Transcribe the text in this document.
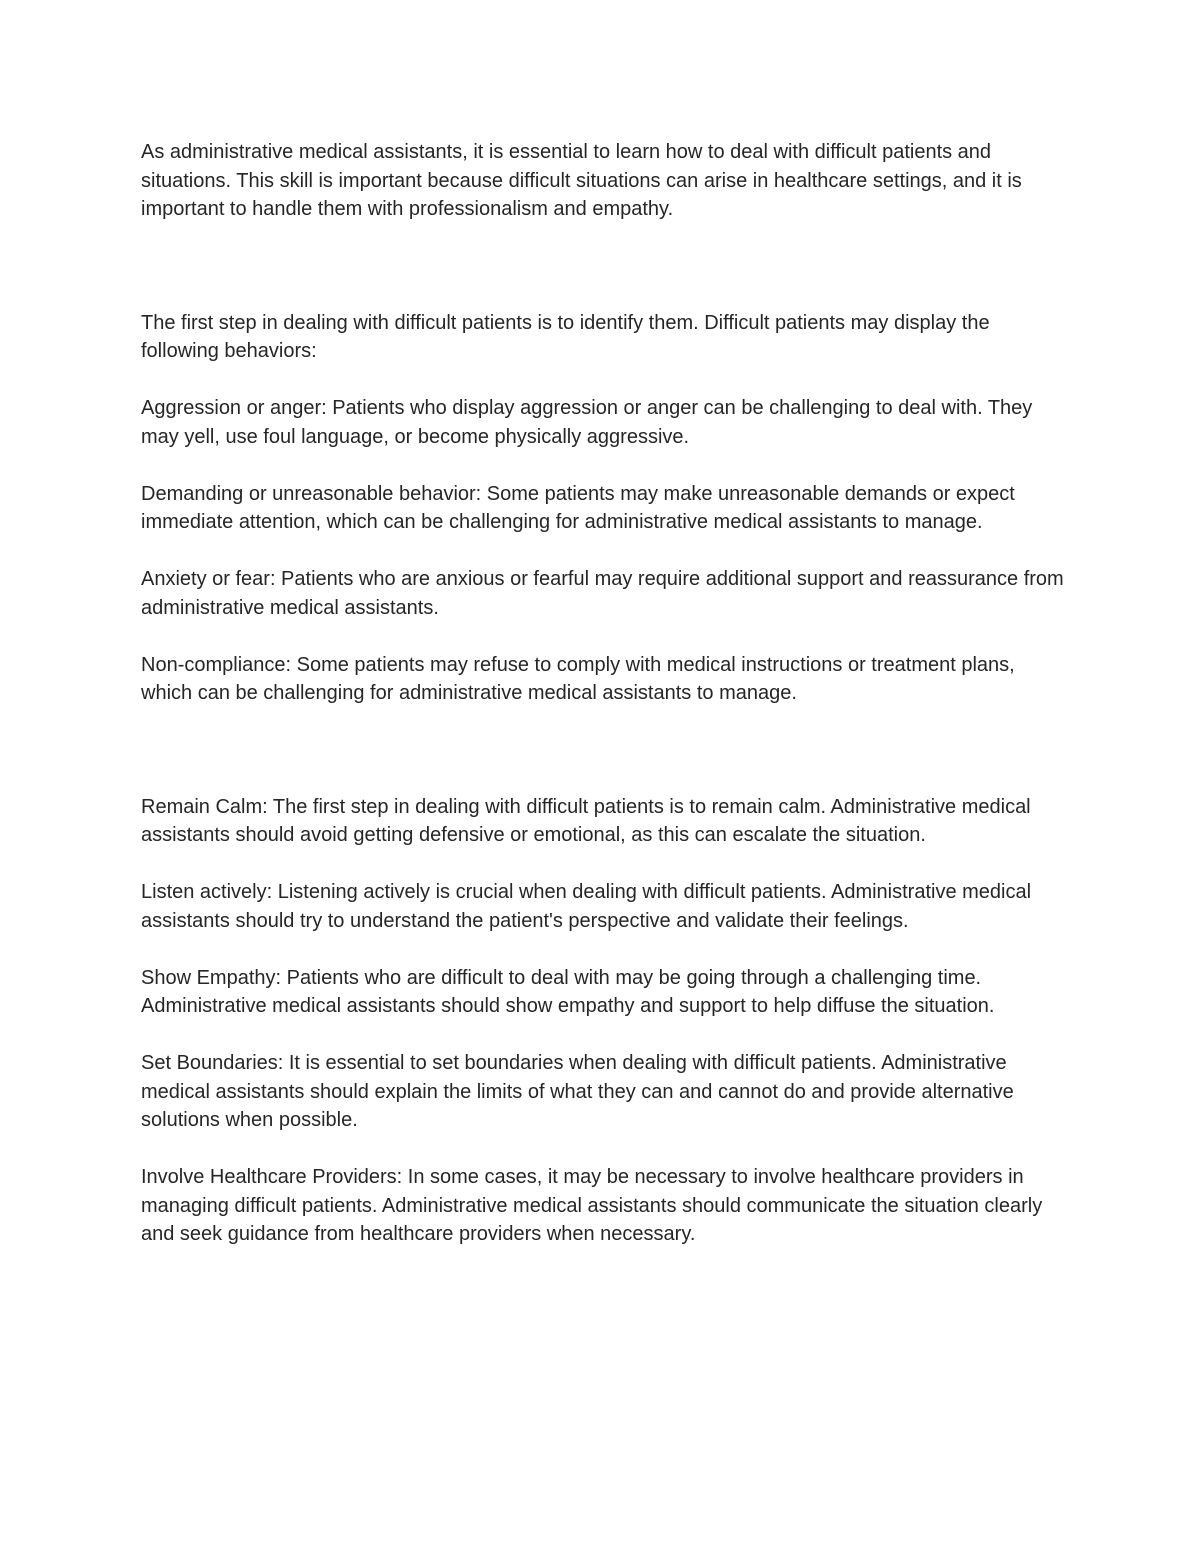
As administrative medical assistants, it is essential to learn how to deal with difficult patients and situations. This skill is important because difficult situations can arise in healthcare settings, and it is important to handle them with professionalism and empathy.

The first step in dealing with difficult patients is to identify them. Difficult patients may display the following behaviors:

Aggression or anger: Patients who display aggression or anger can be challenging to deal with. They may yell, use foul language, or become physically aggressive.

Demanding or unreasonable behavior: Some patients may make unreasonable demands or expect immediate attention, which can be challenging for administrative medical assistants to manage.

Anxiety or fear: Patients who are anxious or fearful may require additional support and reassurance from administrative medical assistants.

Non-compliance: Some patients may refuse to comply with medical instructions or treatment plans, which can be challenging for administrative medical assistants to manage.

Remain Calm: The first step in dealing with difficult patients is to remain calm. Administrative medical assistants should avoid getting defensive or emotional, as this can escalate the situation.

Listen actively: Listening actively is crucial when dealing with difficult patients. Administrative medical assistants should try to understand the patient's perspective and validate their feelings.

Show Empathy: Patients who are difficult to deal with may be going through a challenging time. Administrative medical assistants should show empathy and support to help diffuse the situation.

Set Boundaries: It is essential to set boundaries when dealing with difficult patients. Administrative medical assistants should explain the limits of what they can and cannot do and provide alternative solutions when possible.

Involve Healthcare Providers: In some cases, it may be necessary to involve healthcare providers in managing difficult patients. Administrative medical assistants should communicate the situation clearly and seek guidance from healthcare providers when necessary.
